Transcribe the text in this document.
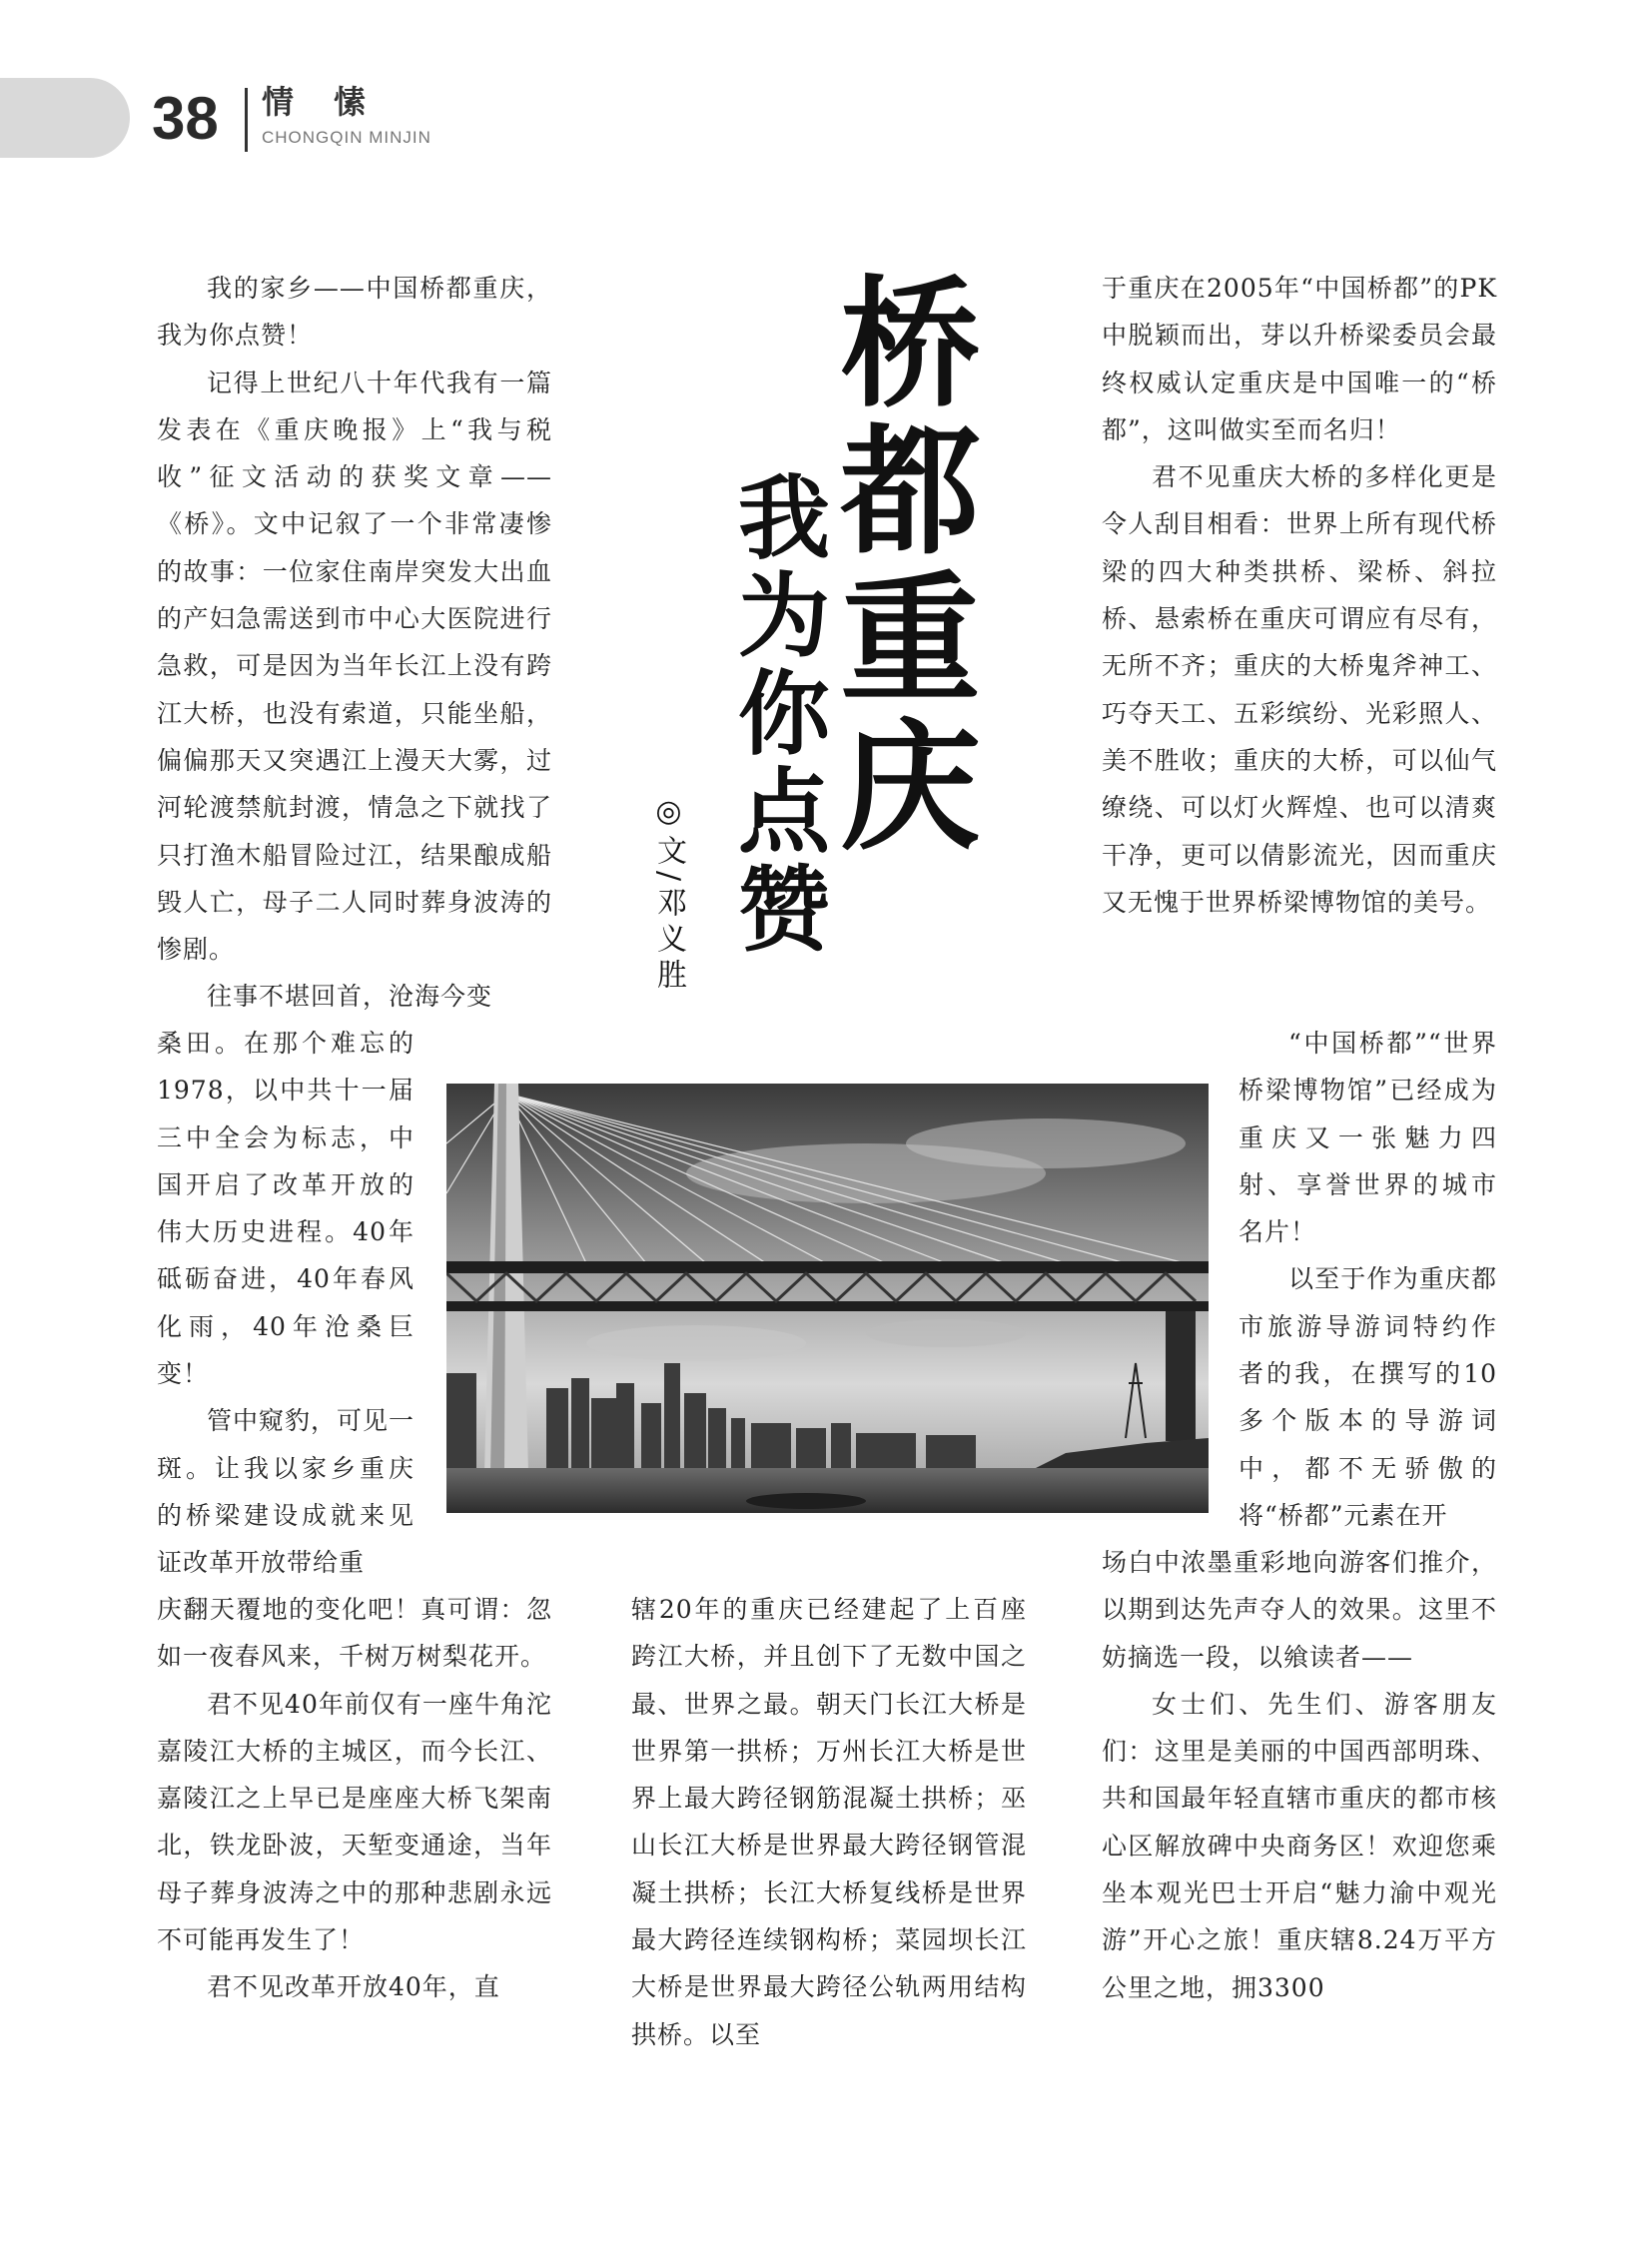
38 情愫
CHONGQIN MINJIN
桥都重庆
我为你点赞
◎文/邓义胜

我的家乡——中国桥都重庆，我为你点赞！

记得上世纪八十年代我有一篇发表在《重庆晚报》上“我与税收”征文活动的获奖文章——《桥》。文中记叙了一个非常凄惨的故事：一位家住南岸突发大出血的产妇急需送到市中心大医院进行急救，可是因为当年长江上没有跨江大桥，也没有索道，只能坐船，偏偏那天又突遇江上漫天大雾，过河轮渡禁航封渡，情急之下就找了只打渔木船冒险过江，结果酿成船毁人亡，母子二人同时葬身波涛的惨剧。

往事不堪回首，沧海今变

桑田。在那个难忘的1978，以中共十一届三中全会为标志，中国开启了改革开放的伟大历史进程。40年砥砺奋进，40年春风化雨，40年沧桑巨变！

管中窥豹，可见一斑。让我以家乡重庆的桥梁建设成就来见证改革开放带给重

庆翻天覆地的变化吧！真可谓：忽如一夜春风来，千树万树梨花开。

君不见40年前仅有一座牛角沱嘉陵江大桥的主城区，而今长江、嘉陵江之上早已是座座大桥飞架南北，铁龙卧波，天堑变通途，当年母子葬身波涛之中的那种悲剧永远不可能再发生了！

君不见改革开放40年，直

辖20年的重庆已经建起了上百座跨江大桥，并且创下了无数中国之最、世界之最。朝天门长江大桥是世界第一拱桥；万州长江大桥是世界上最大跨径钢筋混凝土拱桥；巫山长江大桥是世界最大跨径钢管混凝土拱桥；长江大桥复线桥是世界最大跨径连续钢构桥；菜园坝长江大桥是世界最大跨径公轨两用结构拱桥。以至

于重庆在2005年“中国桥都”的PK中脱颖而出，芽以升桥梁委员会最终权威认定重庆是中国唯一的“桥都”，这叫做实至而名归！

君不见重庆大桥的多样化更是令人刮目相看：世界上所有现代桥梁的四大种类拱桥、梁桥、斜拉桥、悬索桥在重庆可谓应有尽有，无所不齐；重庆的大桥鬼斧神工、巧夺天工、五彩缤纷、光彩照人、美不胜收；重庆的大桥，可以仙气缭绕、可以灯火辉煌、也可以清爽干净，更可以倩影流光，因而重庆又无愧于世界桥梁博物馆的美号。

“中国桥都”“世界桥梁博物馆”已经成为重庆又一张魅力四射、享誉世界的城市名片！

以至于作为重庆都市旅游导游词特约作者的我，在撰写的10多个版本的导游词中，都不无骄傲的将“桥都”元素在开

场白中浓墨重彩地向游客们推介，以期到达先声夺人的效果。这里不妨摘选一段，以飨读者——

女士们、先生们、游客朋友们：这里是美丽的中国西部明珠、共和国最年轻直辖市重庆的都市核心区解放碑中央商务区！欢迎您乘坐本观光巴士开启“魅力渝中观光游”开心之旅！重庆辖8.24万平方公里之地，拥3300
